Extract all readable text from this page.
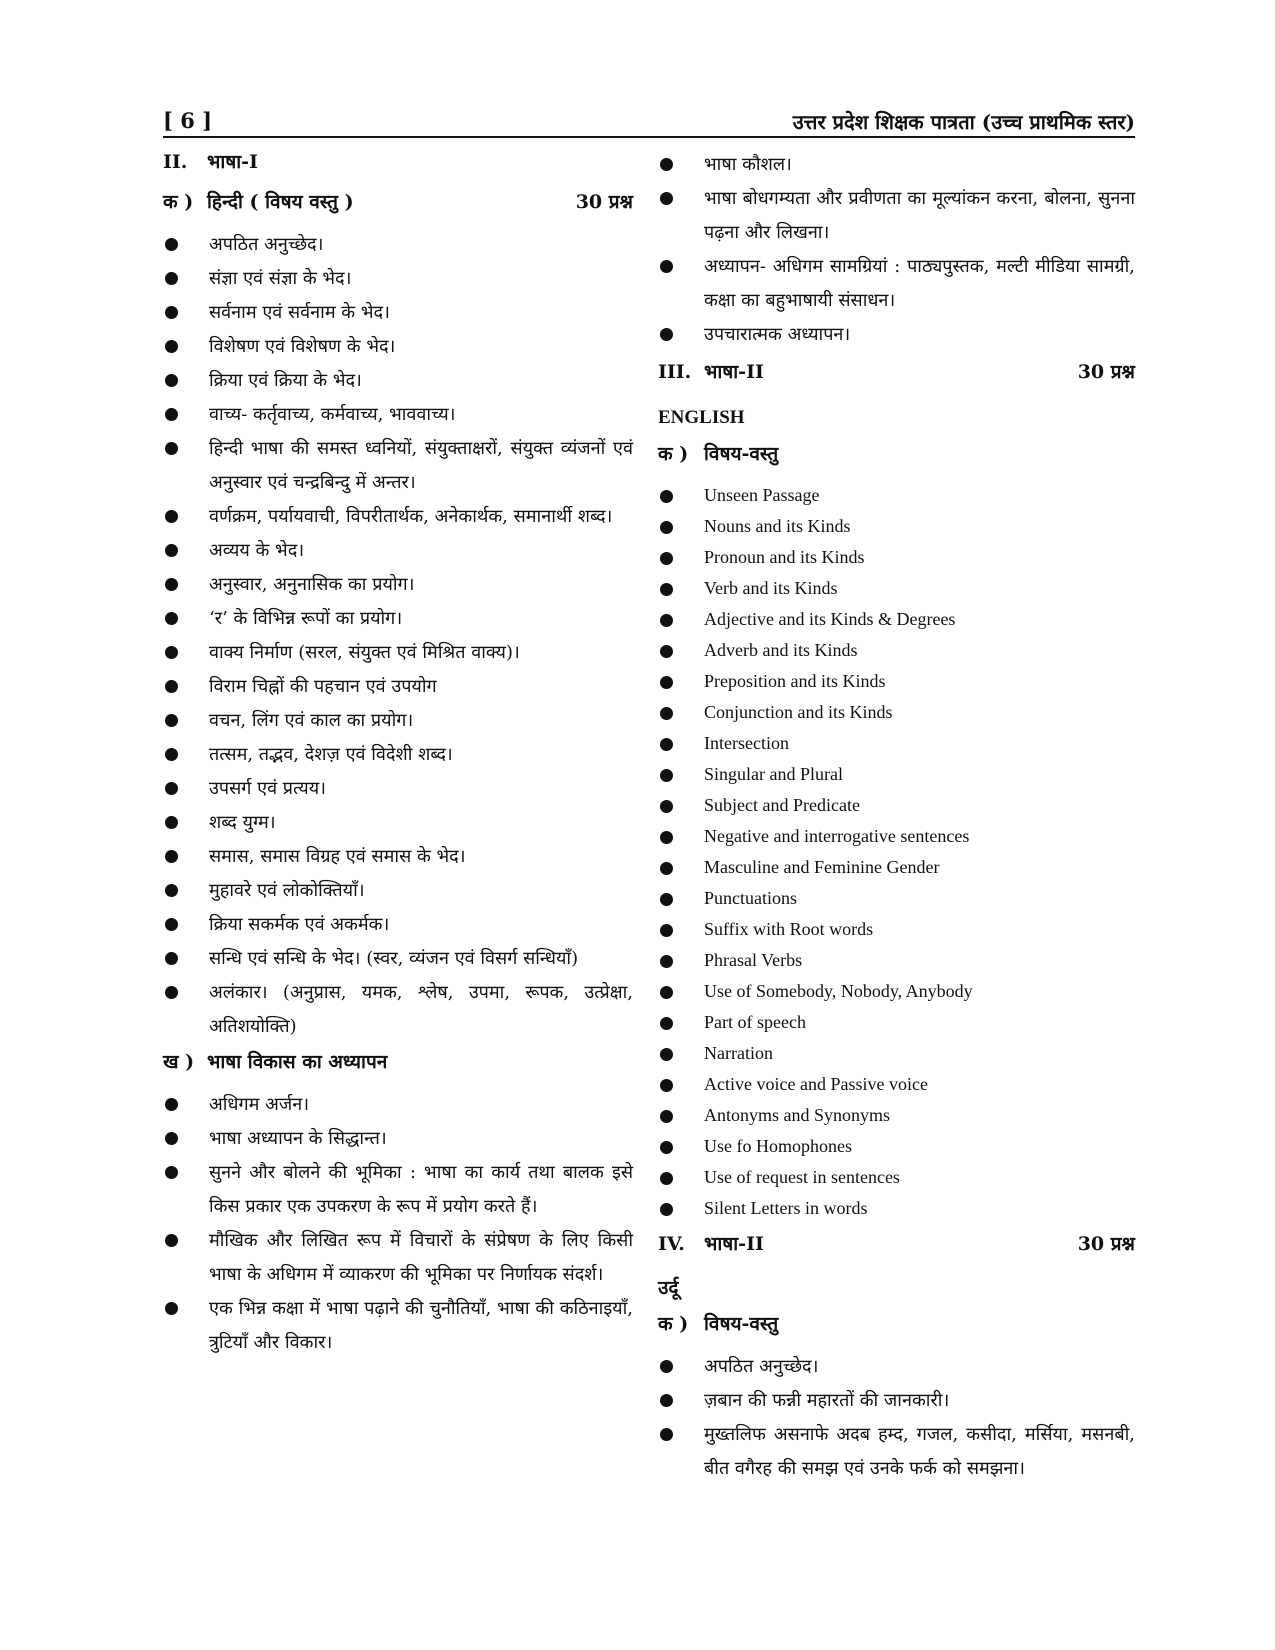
[ 6 ]	उत्तर प्रदेश शिक्षक पात्रता (उच्च प्राथमिक स्तर)
II.	भाषा-I
क ) हिन्दी ( विषय वस्तु )	30 प्रश्न
अपठित अनुच्छेद।
संज्ञा एवं संज्ञा के भेद।
सर्वनाम एवं सर्वनाम के भेद।
विशेषण एवं विशेषण के भेद।
क्रिया एवं क्रिया के भेद।
वाच्य- कर्तृवाच्य, कर्मवाच्य, भाववाच्य।
हिन्दी भाषा की समस्त ध्वनियों, संयुक्ताक्षरों, संयुक्त व्यंजनों एवं अनुस्वार एवं चन्द्रबिन्दु में अन्तर।
वर्णक्रम, पर्यायवाची, विपरीतार्थक, अनेकार्थक, समानार्थी शब्द।
अव्यय के भेद।
अनुस्वार, अनुनासिक का प्रयोग।
‘र’ के विभिन्न रूपों का प्रयोग।
वाक्य निर्माण (सरल, संयुक्त एवं मिश्रित वाक्य)।
विराम चिह्नों की पहचान एवं उपयोग
वचन, लिंग एवं काल का प्रयोग।
तत्सम, तद्भव, देशज़ एवं विदेशी शब्द।
उपसर्ग एवं प्रत्यय।
शब्द युग्म।
समास, समास विग्रह एवं समास के भेद।
मुहावरे एवं लोकोक्तियाँ।
क्रिया सकर्मक एवं अकर्मक।
सन्धि एवं सन्धि के भेद। (स्वर, व्यंजन एवं विसर्ग सन्धियाँ)
अलंकार। (अनुप्रास, यमक, श्लेष, उपमा, रूपक, उत्प्रेक्षा, अतिशयोक्ति)
ख ) भाषा विकास का अध्यापन
अधिगम अर्जन।
भाषा अध्यापन के सिद्धान्त।
सुनने और बोलने की भूमिका : भाषा का कार्य तथा बालक इसे किस प्रकार एक उपकरण के रूप में प्रयोग करते हैं।
मौखिक और लिखित रूप में विचारों के संप्रेषण के लिए किसी भाषा के अधिगम में व्याकरण की भूमिका पर निर्णायक संदर्श।
एक भिन्न कक्षा में भाषा पढ़ाने की चुनौतियाँ, भाषा की कठिनाइयाँ, त्रुटियाँ और विकार।
भाषा कौशल।
भाषा बोधगम्यता और प्रवीणता का मूल्यांकन करना, बोलना, सुनना पढ़ना और लिखना।
अध्यापन- अधिगम सामग्रियां : पाठ्यपुस्तक, मल्टी मीडिया सामग्री, कक्षा का बहुभाषायी संसाधन।
उपचारात्मक अध्यापन।
III. भाषा-II	30 प्रश्न
ENGLISH
क ) विषय-वस्तु
Unseen Passage
Nouns and its Kinds
Pronoun and its Kinds
Verb and its Kinds
Adjective and its Kinds & Degrees
Adverb and its Kinds
Preposition and its Kinds
Conjunction and its Kinds
Intersection
Singular and Plural
Subject and Predicate
Negative and interrogative sentences
Masculine and Feminine Gender
Punctuations
Suffix with Root words
Phrasal Verbs
Use of Somebody, Nobody, Anybody
Part of speech
Narration
Active voice and Passive voice
Antonyms and Synonyms
Use fo Homophones
Use of request in sentences
Silent Letters in words
IV.	भाषा-II	30 प्रश्न
उर्दू
क ) विषय-वस्तु
अपठित अनुच्छेद।
ज़बान की फन्नी महारतों की जानकारी।
मुख्तलिफ असनाफे अदब हम्द, गजल, कसीदा, मर्सिया, मसनबी, बीत वगैरह की समझ एवं उनके फर्क को समझना।
